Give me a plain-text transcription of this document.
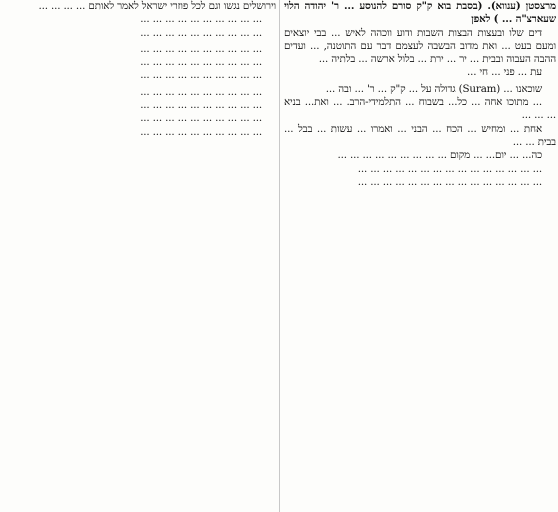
מרצסטן (ענווא). (בסבת בוא ק"ק סורם להנוסע ... ר' יהודה הלוי שעארצ"ה ... ) לאפן

דים שלו ובעצות הבצות השבות ודוע ווכהה לאיש ... בבי יוצאים ומעם בעט ... ואת מדוב הבשבה לעצמם דבר עם התוטנה, ... ועדים ההבה העבוה ובבית ... יר ... ירת ... בלול ארשה ... בלתיה ...

עת ... פני ... חי ...

שוכאנו ... (Suram) גדולה על ... ק"ק ... ר' ... ובה ...

... מתוכו אחה ... כל... בשבוח ... התלמידי-הרב. ... ואת... בניא ... ... ...

אחת ... ומחיש ... הכח ... הבני ... ואמרו ... עשות ... בבל ... בבית ... ...

כה... ... יום... ... מקום ... ... ... ... ... ... ... ... ...

... ... ... ... ... ... ... ... ... ... ... ... ... ... ...

... ... ... ... ... ... ... ... ... ... ... ... ... ... ...

וירושלים נגשו וגם לכל פוזרי ישראל לאמר לאותם ... ... ... ...

... ... ... ... ... ... ... ... ... ...

... ... ... ... ... ... ... ... ... ...

... ... ... ... ... ... ... ... ... ...

... ... ... ... ... ... ... ... ... ...

... ... ... ... ... ... ... ... ... ...

... ... ... ... ... ... ... ... ... ...

... ... ... ... ... ... ... ... ... ...

... ... ... ... ... ... ... ... ... ...

... ... ... ... ... ... ... ... ... ...
